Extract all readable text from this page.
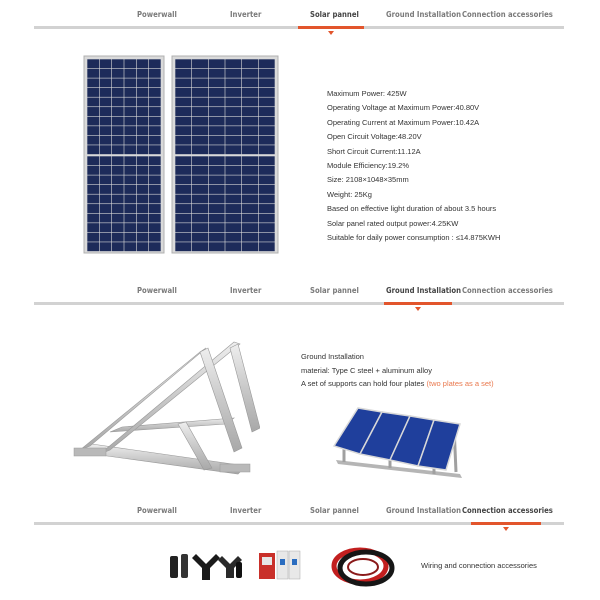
Powerwall	Inverter	Solar pannel	Ground Installation Connection accessories
Maximum Power: 425W
Operating Voltage at Maximum Power:40.80V
Operating Current at Maximum Power:10.42A
Open Circuit Voltage:48.20V
Short Circuit Current:11.12A
Module Efficiency:19.2%
Size: 2108×1048×35mm
Weight: 25Kg
Based on effective light duration of about 3.5 hours
Solar panel rated output power:4.25KW
Suitable for daily power consumption : ≤14.875KWH
Powerwall	Inverter	Solar pannel	Ground Installation Connection accessories
Ground Installation
material: Type C steel + aluminum alloy
A set of supports can hold four plates (two plates as a set)
Powerwall	Inverter	Solar pannel	Ground Installation Connection accessories
Wiring and connection accessories
